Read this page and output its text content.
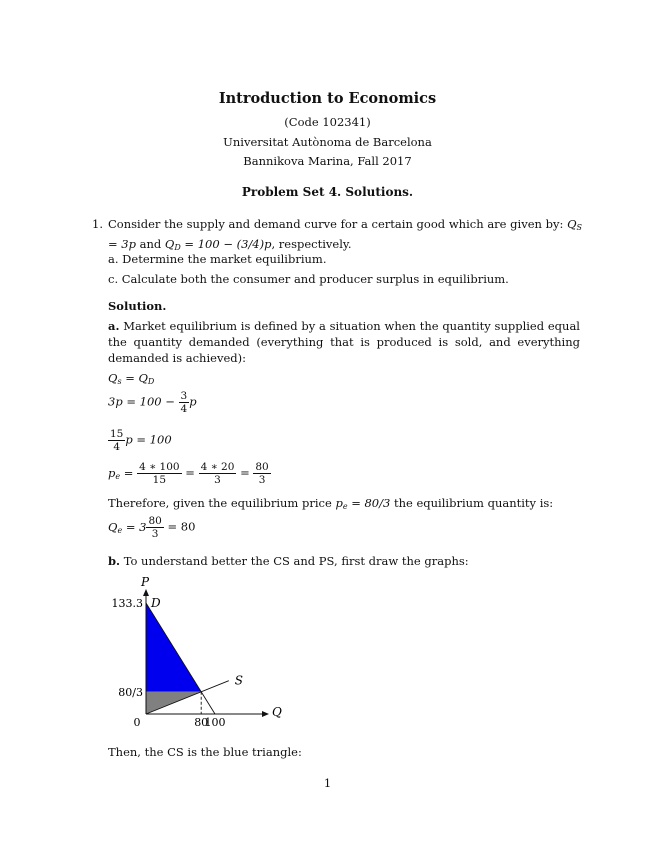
Introduction to Economics
(Code 102341)
Universitat Autònoma de Barcelona
Bannikova Marina, Fall 2017
Problem Set 4. Solutions.
1. Consider the supply and demand curve for a certain good which are given by: $Q_S = 3p$ and $Q_D = 100 - (3/4)p$, respectively.
a. Determine the market equilibrium.
c. Calculate both the consumer and producer surplus in equilibrium.
Solution.
a. Market equilibrium is defined by a situation when the quantity supplied equal the quantity demanded (everything that is produced is sold, and everything demanded is achieved):
$Q_s = Q_D$
$3p = 100 - \frac{3}{4}$ p
$\frac{15}{4}$ p = 100
$p_e = \frac{4 ∗ 100}{15} = \frac{4 ∗ 20}{3} = \frac{80}{3}$
Therefore, given the equilibrium price $p_e = 80/3$ the equilibrium quantity is:
$Q_e = 3 \frac{80}{3} = 80$
b. To understand better the CS and PS, first draw the graphs:
P
Q
133.3
80/3
0	80
100
D
S
Then, the CS is the blue triangle:
1
